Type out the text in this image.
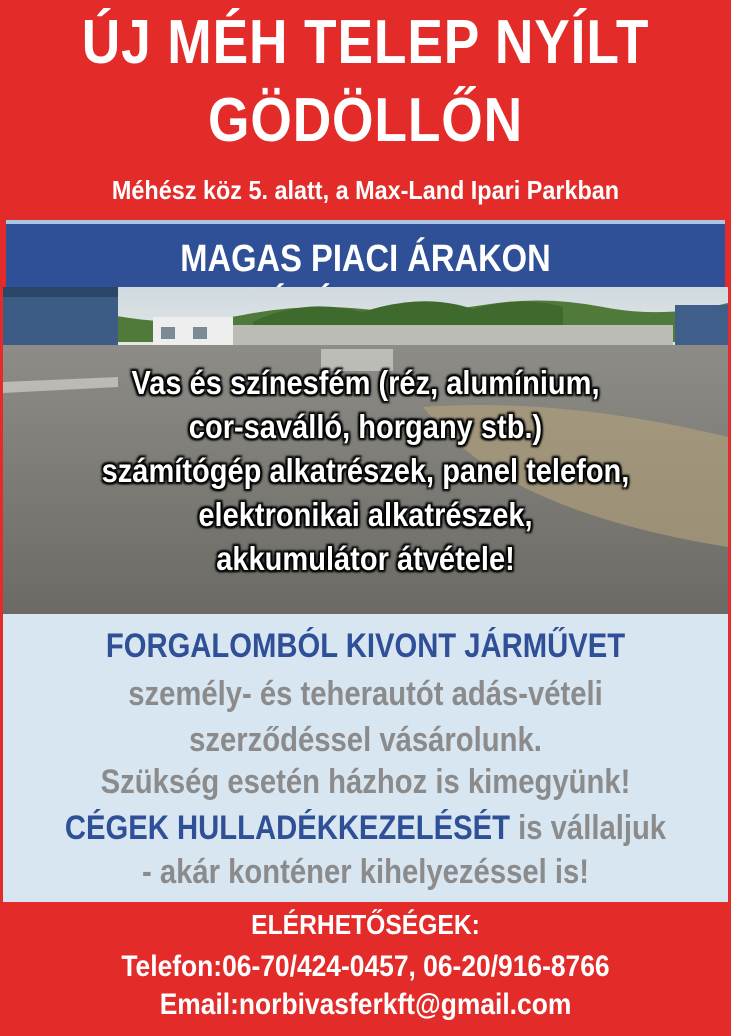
ÚJ MÉH TELEP NYÍLT
GÖDÖLLŐN
Méhész köz 5. alatt, a Max-Land Ipari Parkban
MAGAS PIACI ÁRAKON
Vas és színesfém (réz, alumínium,
cor-saválló, horgany stb.)
számítógép alkatrészek, panel telefon,
elektronikai alkatrészek,
akkumulátor átvétele!
FORGALOMBÓL KIVONT JÁRMŰVET
személy- és teherautót adás-vételi
szerződéssel vásárolunk.
Szükség esetén házhoz is kimegyünk!
CÉGEK HULLADÉKKEZELÉSÉT is vállaljuk
- akár konténer kihelyezéssel is!
ELÉRHETŐSÉGEK:
Telefon:06-70/424-0457, 06-20/916-8766
Email:norbivasferkft@gmail.com
